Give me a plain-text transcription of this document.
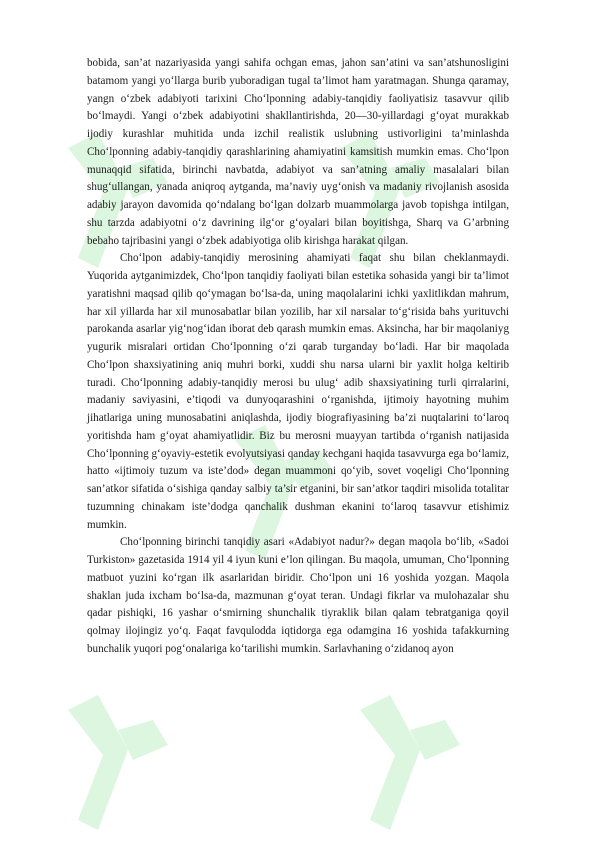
bobida, san’at nazariyasida yangi sahifa ochgan emas, jahon san’atini va san’atshunosligini batamom yangi yo‘llarga burib yuboradigan tugal ta’limot ham yaratmagan. Shunga qaramay, yangn o‘zbek adabiyoti tarixini Cho‘lponning adabiy-tanqidiy faoliyatisiz tasavvur qilib bo‘lmaydi. Yangi o‘zbek adabiyotini shakllantirishda, 20—30-yillardagi g‘oyat murakkab ijodiy kurashlar muhitida unda izchil realistik uslubning ustivorligini ta’minlashda Cho‘lponning adabiy-tanqidiy qarashlarining ahamiyatini kamsitish mumkin emas. Cho‘lpon munaqqid sifatida, birinchi navbatda, adabiyot va san’atning amaliy masalalari bilan shug‘ullangan, yanada aniqroq aytganda, ma’naviy uyg‘onish va madaniy rivojlanish asosida adabiy jarayon davomida qo‘ndalang bo‘lgan dolzarb muammolarga javob topishga intilgan, shu tarzda adabiyotni o‘z davrining ilg‘or g‘oyalari bilan boyitishga, Sharq va G’arbning bebaho tajribasini yangi o‘zbek adabiyotiga olib kirishga harakat qilgan.

Cho‘lpon adabiy-tanqidiy merosining ahamiyati faqat shu bilan cheklanmaydi. Yuqorida aytganimizdek, Cho‘lpon tanqidiy faoliyati bilan estetika sohasida yangi bir ta’limot yaratishni maqsad qilib qo‘ymagan bo‘lsa-da, uning maqolalarini ichki yaxlitlikdan mahrum, har xil yillarda har xil munosabatlar bilan yozilib, har xil narsalar to‘g‘risida bahs yurituvchi parokanda asarlar yig‘nog‘idan iborat deb qarash mumkin emas. Aksincha, har bir maqolaniyg yugurik misralari ortidan Cho‘lponning o‘zi qarab turganday bo‘ladi. Har bir maqolada Cho‘lpon shaxsiyatining aniq muhri borki, xuddi shu narsa ularni bir yaxlit holga keltirib turadi. Cho‘lponning adabiy-tanqidiy merosi bu ulug‘ adib shaxsiyatining turli qirralarini, madaniy saviyasini, e’tiqodi va dunyoqarashini o‘rganishda, ijtimoiy hayotning muhim jihatlariga uning munosabatini aniqlashda, ijodiy biografiyasining ba’zi nuqtalarini to‘laroq yoritishda ham g‘oyat ahamiyatlidir. Biz bu merosni muayyan tartibda o‘rganish natijasida Cho‘lponning g‘oyaviy-estetik evolyutsiyasi qanday kechgani haqida tasavvurga ega bo‘lamiz, hatto «ijtimoiy tuzum va iste’dod» degan muammoni qo‘yib, sovet voqeligi Cho‘lponning san’atkor sifatida o‘sishiga qanday salbiy ta’sir etganini, bir san’atkor taqdiri misolida totalitar tuzumning chinakam iste’dodga qanchalik dushman ekanini to‘laroq tasavvur etishimiz mumkin.

Cho‘lponning birinchi tanqidiy asari «Adabiyot nadur?» degan maqola bo‘lib, «Sadoi Turkiston» gazetasida 1914 yil 4 iyun kuni e’lon qilingan. Bu maqola, umuman, Cho‘lponning matbuot yuzini ko‘rgan ilk asarlaridan biridir. Cho‘lpon uni 16 yoshida yozgan. Maqola shaklan juda ixcham bo‘lsa-da, mazmunan g‘oyat teran. Undagi fikrlar va mulohazalar shu qadar pishiqki, 16 yashar o‘smirning shunchalik tiyraklik bilan qalam tebratganiga qoyil qolmay ilojingiz yo‘q. Faqat favqulodda iqtidorga ega odamgina 16 yoshida tafakkurning bunchalik yuqori pog‘onalariga ko‘tarilishi mumkin. Sarlavhaning o‘zidanoq ayon
